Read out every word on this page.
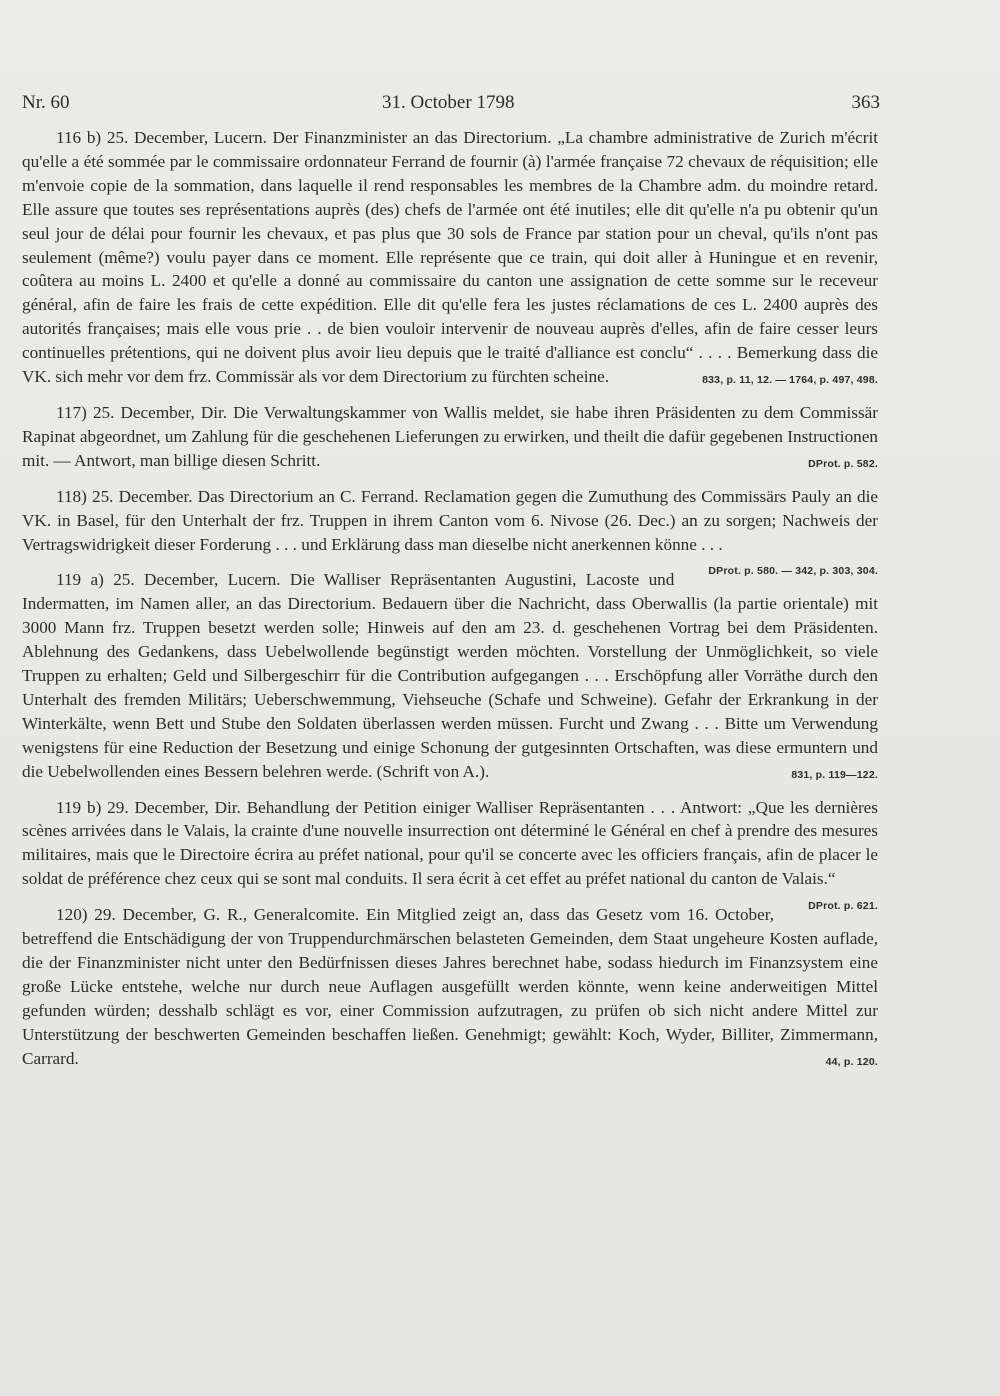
Nr. 60	31. October 1798	363

116 b) 25. December, Lucern. Der Finanzminister an das Directorium. „La chambre administrative de Zurich m'écrit qu'elle a été sommée par le commissaire ordonnateur Ferrand de fournir (à) l'armée française 72 chevaux de réquisition; elle m'envoie copie de la sommation, dans laquelle il rend responsables les membres de la Chambre adm. du moindre retard. Elle assure que toutes ses représentations auprès (des) chefs de l'armée ont été inutiles; elle dit qu'elle n'a pu obtenir qu'un seul jour de délai pour fournir les chevaux, et pas plus que 30 sols de France par station pour un cheval, qu'ils n'ont pas seulement (même?) voulu payer dans ce moment. Elle représente que ce train, qui doit aller à Huningue et en revenir, coûtera au moins L. 2400 et qu'elle a donné au commissaire du canton une assignation de cette somme sur le receveur général, afin de faire les frais de cette expédition. Elle dit qu'elle fera les justes réclamations de ces L. 2400 auprès des autorités françaises; mais elle vous prie . . de bien vouloir intervenir de nouveau auprès d'elles, afin de faire cesser leurs continuelles prétentions, qui ne doivent plus avoir lieu depuis que le traité d'alliance est conclu“ . . . . Bemerkung dass die VK. sich mehr vor dem frz. Commissär als vor dem Directorium zu fürchten scheine.	833, p. 11, 12. — 1764, p. 497, 498.

117) 25. December, Dir. Die Verwaltungskammer von Wallis meldet, sie habe ihren Präsidenten zu dem Commissär Rapinat abgeordnet, um Zahlung für die geschehenen Lieferungen zu erwirken, und theilt die dafür gegebenen Instructionen mit. — Antwort, man billige diesen Schritt.	DProt. p. 582.

118) 25. December. Das Directorium an C. Ferrand. Reclamation gegen die Zumuthung des Commissärs Pauly an die VK. in Basel, für den Unterhalt der frz. Truppen in ihrem Canton vom 6. Nivose (26. Dec.) an zu sorgen; Nachweis der Vertragswidrigkeit dieser Forderung . . . und Erklärung dass man dieselbe nicht anerkennen könne . . .
DProt. p. 580. — 342, p. 303, 304.

119 a) 25. December, Lucern. Die Walliser Repräsentanten Augustini, Lacoste und Indermatten, im Namen aller, an das Directorium. Bedauern über die Nachricht, dass Oberwallis (la partie orientale) mit 3000 Mann frz. Truppen besetzt werden solle; Hinweis auf den am 23. d. geschehenen Vortrag bei dem Präsidenten. Ablehnung des Gedankens, dass Uebelwollende begünstigt werden möchten. Vorstellung der Unmöglichkeit, so viele Truppen zu erhalten; Geld und Silbergeschirr für die Contribution aufgegangen . . . Erschöpfung aller Vorräthe durch den Unterhalt des fremden Militärs; Ueberschwemmung, Viehseuche (Schafe und Schweine). Gefahr der Erkrankung in der Winterkälte, wenn Bett und Stube den Soldaten überlassen werden müssen. Furcht und Zwang . . . Bitte um Verwendung wenigstens für eine Reduction der Besetzung und einige Schonung der gutgesinnten Ortschaften, was diese ermuntern und die Uebelwollenden eines Bessern belehren werde. (Schrift von A.).	831, p. 119—122.

119 b) 29. December, Dir. Behandlung der Petition einiger Walliser Repräsentanten . . . Antwort: „Que les dernières scènes arrivées dans le Valais, la crainte d'une nouvelle insurrection ont déterminé le Général en chef à prendre des mesures militaires, mais que le Directoire écrira au préfet national, pour qu'il se concerte avec les officiers français, afin de placer le soldat de préférence chez ceux qui se sont mal conduits. Il sera écrit à cet effet au préfet national du canton de Valais.“
DProt. p. 621.

120) 29. December, G. R., Generalcomite. Ein Mitglied zeigt an, dass das Gesetz vom 16. October, betreffend die Entschädigung der von Truppendurchmärschen belasteten Gemeinden, dem Staat ungeheure Kosten auflade, die der Finanzminister nicht unter den Bedürfnissen dieses Jahres berechnet habe, sodass hiedurch im Finanzsystem eine große Lücke entstehe, welche nur durch neue Auflagen ausgefüllt werden könnte, wenn keine anderweitigen Mittel gefunden würden; desshalb schlägt es vor, einer Commission aufzutragen, zu prüfen ob sich nicht andere Mittel zur Unterstützung der beschwerten Gemeinden beschaffen ließen. Genehmigt; gewählt: Koch, Wyder, Billiter, Zimmermann, Carrard.	44, p. 120.
